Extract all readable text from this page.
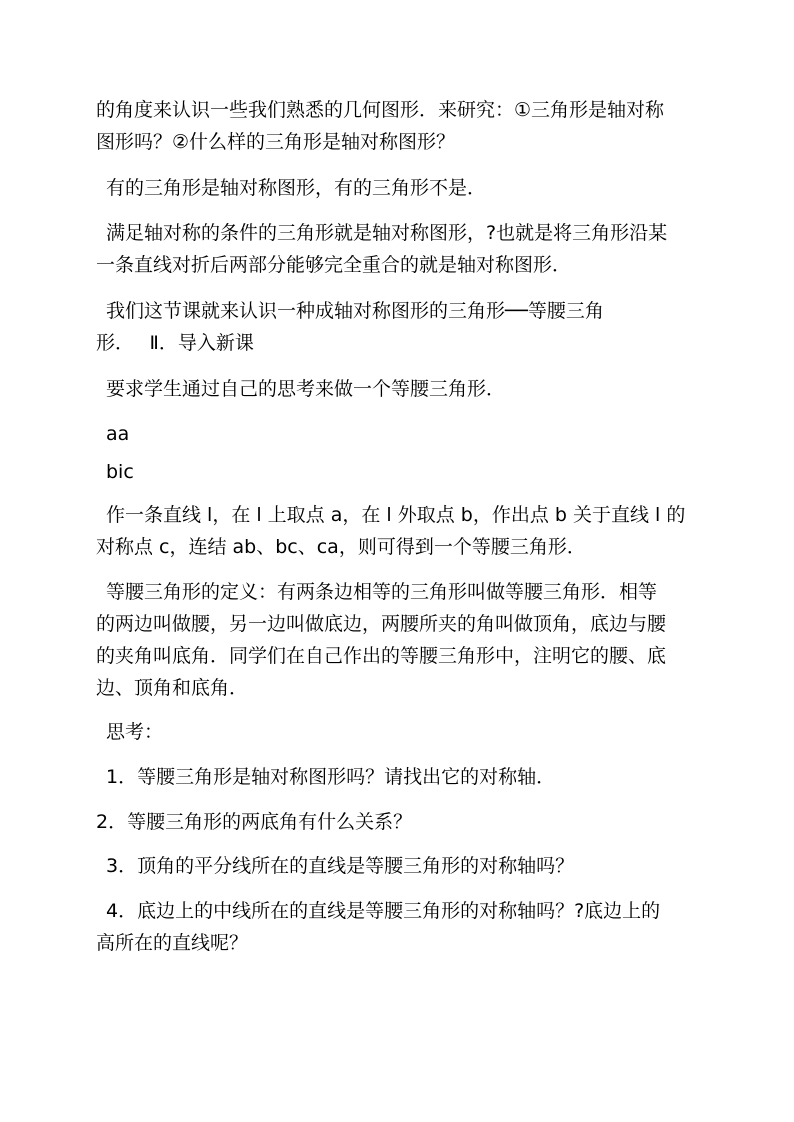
的角度来认识一些我们熟悉的几何图形．来研究：①三角形是轴对称
图形吗？②什么样的三角形是轴对称图形？
有的三角形是轴对称图形，有的三角形不是．
满足轴对称的条件的三角形就是轴对称图形，?也就是将三角形沿某
一条直线对折后两部分能够完全重合的就是轴对称图形．
我们这节课就来认识一种成轴对称图形的三角形──等腰三角
形．　 Ⅱ．导入新课
要求学生通过自己的思考来做一个等腰三角形．
aa
bic
作一条直线 l，在 l 上取点 a，在 l 外取点 b，作出点 b 关于直线 l 的
对称点 c，连结 ab、bc、ca，则可得到一个等腰三角形．
等腰三角形的定义：有两条边相等的三角形叫做等腰三角形．相等
的两边叫做腰，另一边叫做底边，两腰所夹的角叫做顶角，底边与腰
的夹角叫底角．同学们在自己作出的等腰三角形中，注明它的腰、底
边、顶角和底角．
思考：
1．等腰三角形是轴对称图形吗？请找出它的对称轴．
2．等腰三角形的两底角有什么关系？
3．顶角的平分线所在的直线是等腰三角形的对称轴吗？
4．底边上的中线所在的直线是等腰三角形的对称轴吗？?底边上的
高所在的直线呢？
